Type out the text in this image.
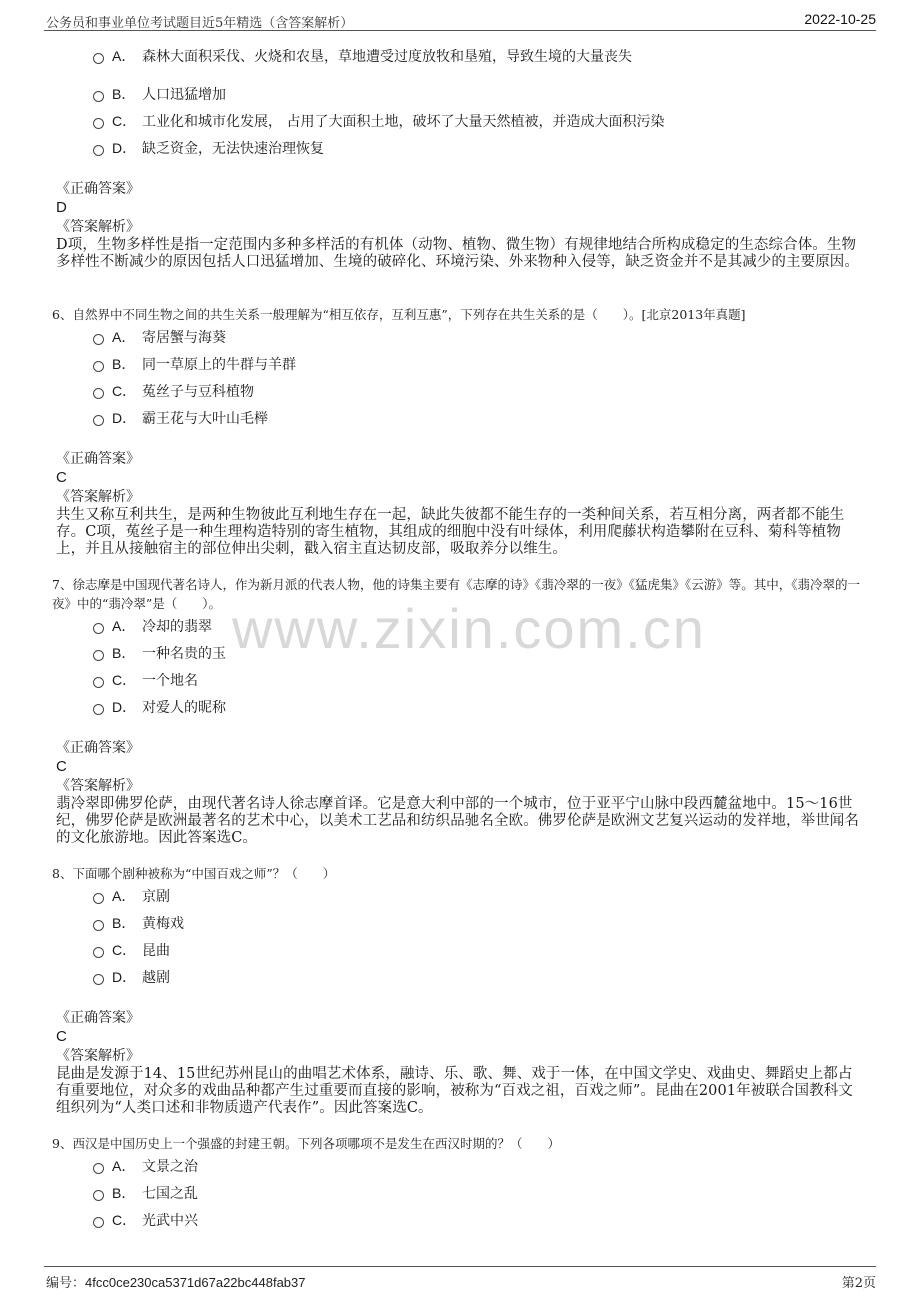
公务员和事业单位考试题目近5年精选（含答案解析）	2022-10-25
www.zixin.com.cn
A． 森林大面积采伐、火烧和农垦，草地遭受过度放牧和垦殖，导致生境的大量丧失
B． 人口迅猛增加
C． 工业化和城市化发展， 占用了大面积土地，破坏了大量天然植被，并造成大面积污染
D． 缺乏资金，无法快速治理恢复
《正确答案》
D
《答案解析》
D项，生物多样性是指一定范围内多种多样活的有机体（动物、植物、微生物）有规律地结合所构成稳定的生态综合体。生物多样性不断减少的原因包括人口迅猛增加、生境的破碎化、环境污染、外来物种入侵等，缺乏资金并不是其减少的主要原因。
6、自然界中不同生物之间的共生关系一般理解为“相互依存，互利互惠”，下列存在共生关系的是（　　）。[北京2013年真题]
A． 寄居蟹与海葵
B． 同一草原上的牛群与羊群
C． 菟丝子与豆科植物
D． 霸王花与大叶山毛榉
《正确答案》
C
《答案解析》
共生又称互利共生，是两种生物彼此互利地生存在一起，缺此失彼都不能生存的一类种间关系，若互相分离，两者都不能生存。C项，菟丝子是一种生理构造特别的寄生植物，其组成的细胞中没有叶绿体，利用爬藤状构造攀附在豆科、菊科等植物上，并且从接触宿主的部位伸出尖刺，戳入宿主直达韧皮部，吸取养分以维生。
7、徐志摩是中国现代著名诗人，作为新月派的代表人物，他的诗集主要有《志摩的诗》《翡冷翠的一夜》《猛虎集》《云游》等。其中，《翡冷翠的一夜》中的“翡冷翠”是（　　）。
A． 冷却的翡翠
B． 一种名贵的玉
C． 一个地名
D． 对爱人的昵称
《正确答案》
C
《答案解析》
翡冷翠即佛罗伦萨，由现代著名诗人徐志摩首译。它是意大利中部的一个城市，位于亚平宁山脉中段西麓盆地中。15～16世纪，佛罗伦萨是欧洲最著名的艺术中心，以美术工艺品和纺织品驰名全欧。佛罗伦萨是欧洲文艺复兴运动的发祥地，举世闻名的文化旅游地。因此答案选C。
8、下面哪个剧种被称为“中国百戏之师”？（　　）
A． 京剧
B． 黄梅戏
C． 昆曲
D． 越剧
《正确答案》
C
《答案解析》
昆曲是发源于14、15世纪苏州昆山的曲唱艺术体系，融诗、乐、歌、舞、戏于一体，在中国文学史、戏曲史、舞蹈史上都占有重要地位，对众多的戏曲品种都产生过重要而直接的影响，被称为“百戏之祖，百戏之师”。昆曲在2001年被联合国教科文组织列为“人类口述和非物质遗产代表作”。因此答案选C。
9、西汉是中国历史上一个强盛的封建王朝。下列各项哪项不是发生在西汉时期的？（　　）
A． 文景之治
B． 七国之乱
C． 光武中兴
编号：4fcc0ce230ca5371d67a22bc448fab37	第2页
